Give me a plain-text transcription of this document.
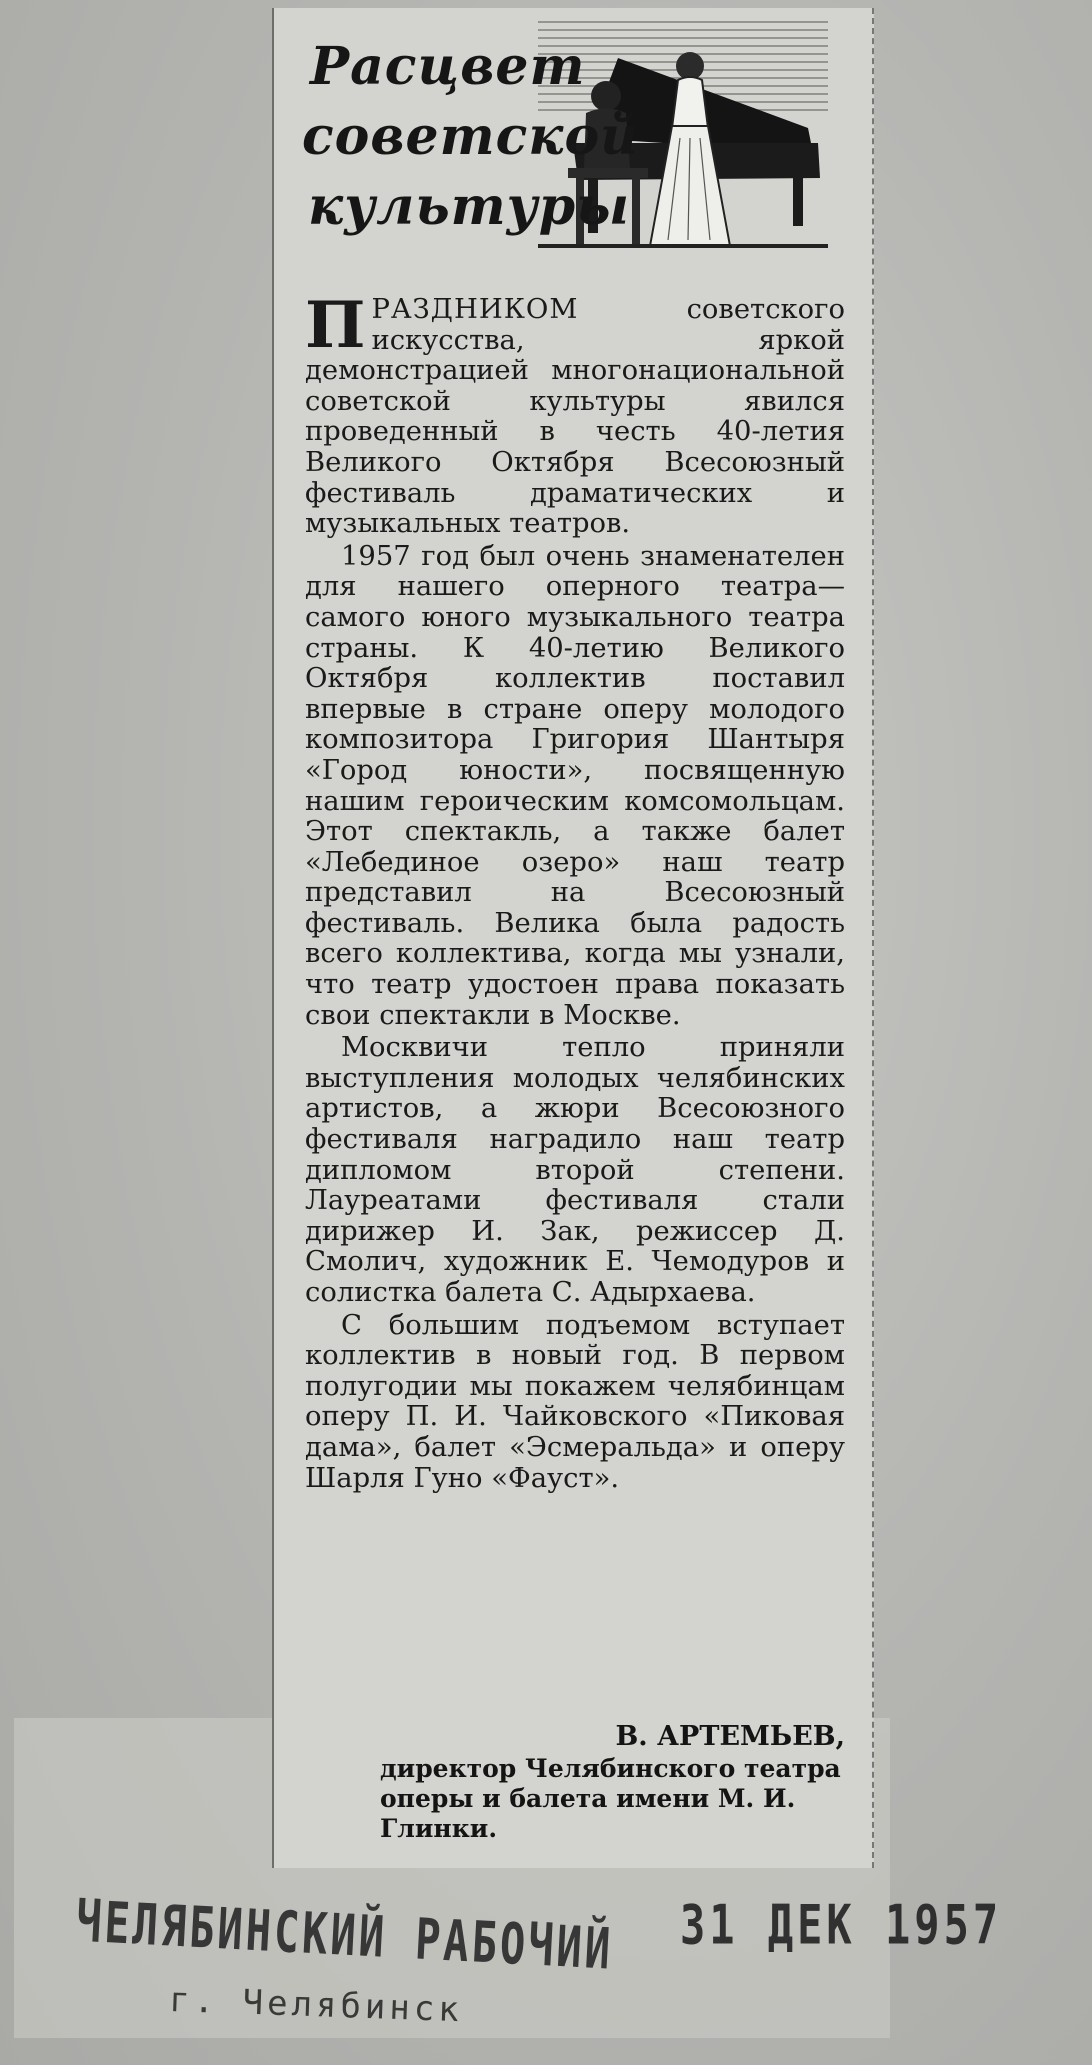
Расцвет
советской
культуры

ПРАЗДНИКОМ советского искусства, яркой демонстрацией многонациональной советской культуры явился проведенный в честь 40-летия Великого Октября Всесоюзный фестиваль драматических и музыкальных театров.

1957 год был очень знаменателен для нашего оперного театра—самого юного музыкального театра страны. К 40-летию Великого Октября коллектив поставил впервые в стране оперу молодого композитора Григория Шантыря «Город юности», посвященную нашим героическим комсомольцам. Этот спектакль, а также балет «Лебединое озеро» наш театр представил на Всесоюзный фестиваль. Велика была радость всего коллектива, когда мы узнали, что театр удостоен права показать свои спектакли в Москве.

Москвичи тепло приняли выступления молодых челябинских артистов, а жюри Всесоюзного фестиваля наградило наш театр дипломом второй степени. Лауреатами фестиваля стали дирижер И. Зак, режиссер Д. Смолич, художник Е. Чемодуров и солистка балета С. Адырхаева.

С большим подъемом вступает коллектив в новый год. В первом полугодии мы покажем челябинцам оперу П. И. Чайковского «Пиковая дама», балет «Эсмеральда» и оперу Шарля Гуно «Фауст».

В. АРТЕМЬЕВ,
директор Челябинского театра оперы и балета имени М. И. Глинки.
ЧЕЛЯБИНСКИЙ РАБОЧИЙ
г. Челябинск
31 ДЕК 1957
